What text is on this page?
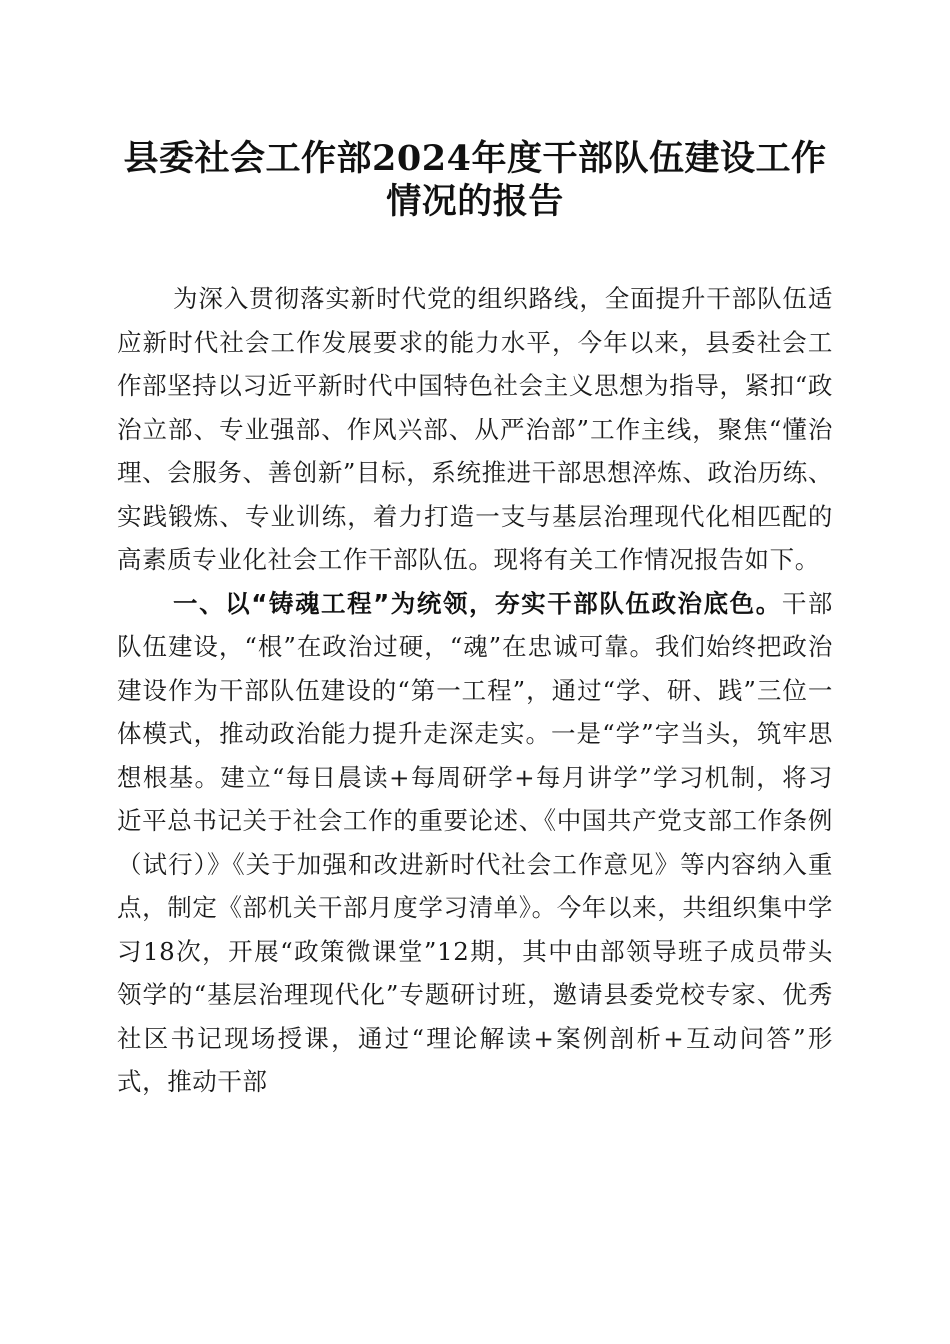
县委社会工作部2024年度干部队伍建设工作
情况的报告

为深入贯彻落实新时代党的组织路线，全面提升干部队伍适应新时代社会工作发展要求的能力水平，今年以来，县委社会工作部坚持以习近平新时代中国特色社会主义思想为指导，紧扣“政治立部、专业强部、作风兴部、从严治部”工作主线，聚焦“懂治理、会服务、善创新”目标，系统推进干部思想淬炼、政治历练、实践锻炼、专业训练，着力打造一支与基层治理现代化相匹配的高素质专业化社会工作干部队伍。现将有关工作情况报告如下。

一、以“铸魂工程”为统领，夯实干部队伍政治底色。干部队伍建设，“根”在政治过硬，“魂”在忠诚可靠。我们始终把政治建设作为干部队伍建设的“第一工程”，通过“学、研、践”三位一体模式，推动政治能力提升走深走实。一是“学”字当头，筑牢思想根基。建立“每日晨读+每周研学+每月讲学”学习机制，将习近平总书记关于社会工作的重要论述、《中国共产党支部工作条例（试行）》《关于加强和改进新时代社会工作意见》等内容纳入重点，制定《部机关干部月度学习清单》。今年以来，共组织集中学习18次，开展“政策微课堂”12期，其中由部领导班子成员带头领学的“基层治理现代化”专题研讨班，邀请县委党校专家、优秀社区书记现场授课，通过“理论解读+案例剖析+互动问答”形式，推动干部
